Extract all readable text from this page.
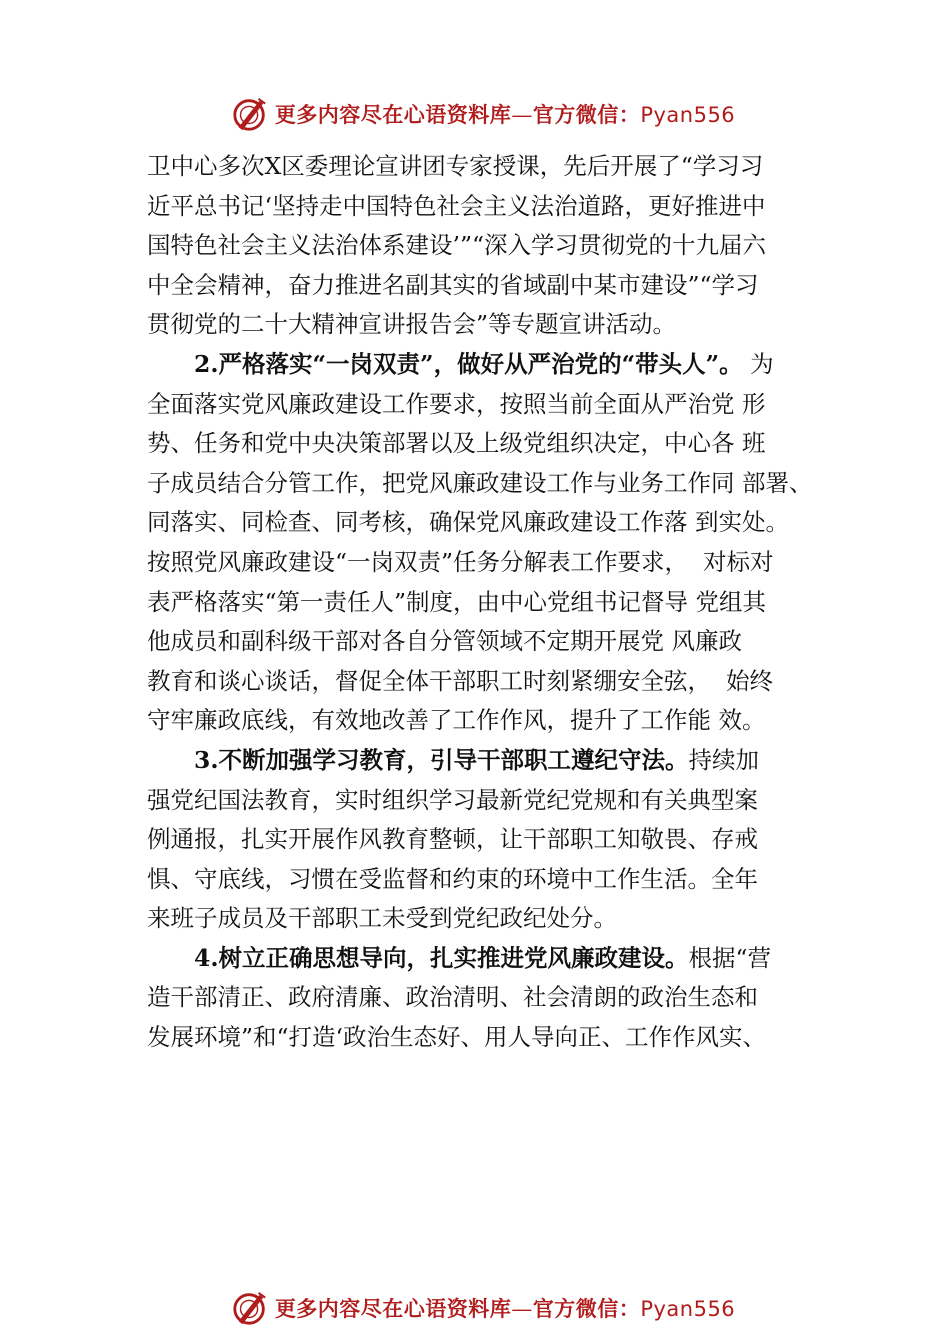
更多内容尽在心语资料库—官方微信：Pyan556
卫中心多次X区委理论宣讲团专家授课，先后开展了“学习习
近平总书记‘坚持走中国特色社会主义法治道路，更好推进中
国特色社会主义法治体系建设’”“深入学习贯彻党的十九届六
中全会精神，奋力推进名副其实的省域副中某市建设”“学习
贯彻党的二十大精神宣讲报告会”等专题宣讲活动。
2.严格落实“一岗双责”，做好从严治党的“带头人”。 为
全面落实党风廉政建设工作要求，按照当前全面从严治党 形
势、任务和党中央决策部署以及上级党组织决定，中心各 班
子成员结合分管工作，把党风廉政建设工作与业务工作同 部署、
同落实、同检查、同考核，确保党风廉政建设工作落 到实处。
按照党风廉政建设“一岗双责”任务分解表工作要求，  对标对
表严格落实“第一责任人”制度，由中心党组书记督导 党组其
他成员和副科级干部对各自分管领域不定期开展党 风廉政
教育和谈心谈话，督促全体干部职工时刻紧绷安全弦，  始终
守牢廉政底线，有效地改善了工作作风，提升了工作能 效。
3.不断加强学习教育，引导干部职工遵纪守法。持续加
强党纪国法教育，实时组织学习最新党纪党规和有关典型案
例通报，扎实开展作风教育整顿，让干部职工知敬畏、存戒
惧、守底线，习惯在受监督和约束的环境中工作生活。全年
来班子成员及干部职工未受到党纪政纪处分。
4.树立正确思想导向，扎实推进党风廉政建设。根据“营
造干部清正、政府清廉、政治清明、社会清朗的政治生态和
发展环境”和“打造‘政治生态好、用人导向正、工作作风实、
更多内容尽在心语资料库—官方微信：Pyan556
